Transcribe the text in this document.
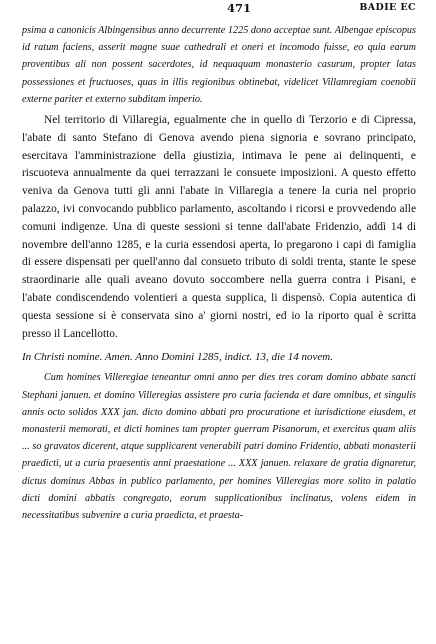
471	BADIE EC

psima a canonicis Albingensibus anno decurrente 1225 dono acceptae sunt. Albengae episcopus id ratum faciens, asserit magne suae cathedrali et oneri et incomodo fuisse, eo quia earum proventibus ali non possent sacerdotes, id nequaquam monasterio casurum, propter latas possessiones et fructuoses, quas in illis regionibus obtinebat, videlicet Villamregiam coenobii externe pariter et externo subditam imperio.

Nel territorio di Villaregia, egualmente che in quello di Terzorio e di Cipressa, l'abate di santo Stefano di Genova avendo piena signoria e sovrano principato, esercitava l'amministrazione della giustizia, intimava le pene ai delinquenti, e riscuoteva annualmente da quei terrazzani le consuete imposizioni. A questo effetto veniva da Genova tutti gli anni l'abate in Villaregia a tenere la curia nel proprio palazzo, ivi convocando pubblico parlamento, ascoltando i ricorsi e provvedendo alle comuni indigenze. Una di queste sessioni si tenne dall'abate Fridenzio, addì 14 di novembre dell'anno 1285, e la curia essendosi aperta, lo pregarono i capi di famiglia di essere dispensati per quell'anno dal consueto tributo di soldi trenta, stante le spese straordinarie alle quali aveano dovuto soccombere nella guerra contra i Pisani, e l'abate condiscendendo volentieri a questa supplica, li dispensò. Copia autentica di questa sessione si è conservata sino a' giorni nostri, ed io la riporto qual è scritta presso il Lancellotto.

In Christi nomine. Amen. Anno Domini 1285, indict. 13, die 14 novem.

Cum homines Villeregiae teneantur omni anno per dies tres coram domino abbate sancti Stephani januen. et domino Villeregias assistere pro curia facienda et dare omnibus, et singulis annis octo solidos XXX jan. dicto domino abbati pro procuratione et iurisdictione eiusdem, et monasterii memorati, et dicti homines tam propter guerram Pisanorum, et exercitus quam aliis ... so gravatos dicerent, atque supplicarent venerabili patri domino Fridentio, abbati monasterii praedicti, ut a curia praesentis anni praestatione ... XXX januen. relaxare de gratia dignaretur, dictus dominus Abbas in publico parlamento, per homines Villeregias more solito in palatio dicti domini abbatis congregato, eorum supplicationibus inclinatus, volens eidem in necessitatibus subvenire a curia praedicta, et praesta-
